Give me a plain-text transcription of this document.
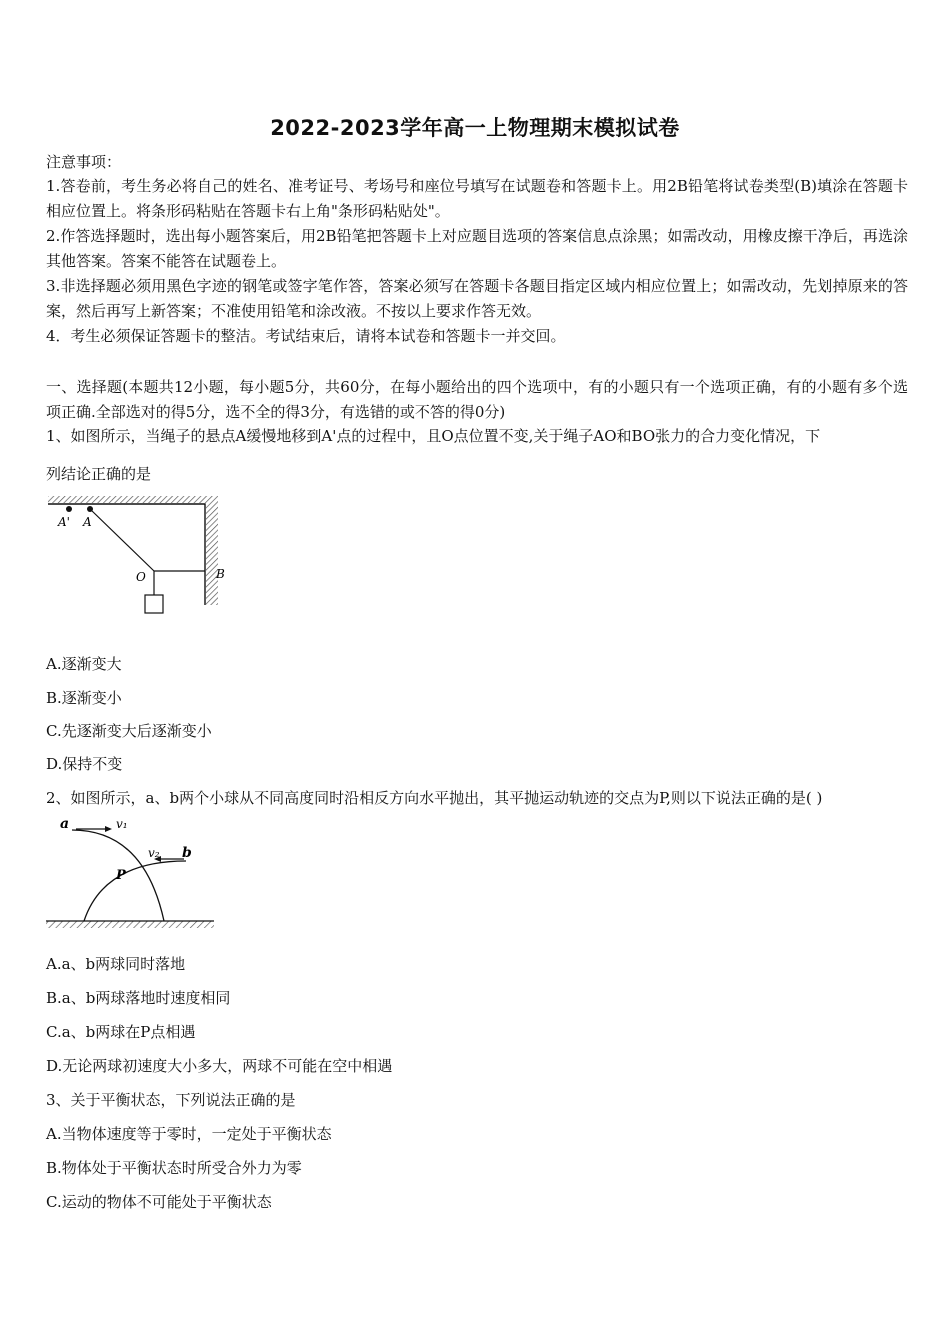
2022-2023学年高一上物理期末模拟试卷
注意事项：
1.答卷前，考生务必将自己的姓名、准考证号、考场号和座位号填写在试题卷和答题卡上。用2B铅笔将试卷类型(B)填涂在答题卡相应位置上。将条形码粘贴在答题卡右上角"条形码粘贴处"。
2.作答选择题时，选出每小题答案后，用2B铅笔把答题卡上对应题目选项的答案信息点涂黑；如需改动，用橡皮擦干净后，再选涂其他答案。答案不能答在试题卷上。
3.非选择题必须用黑色字迹的钢笔或签字笔作答，答案必须写在答题卡各题目指定区域内相应位置上；如需改动，先划掉原来的答案，然后再写上新答案；不准使用铅笔和涂改液。不按以上要求作答无效。
4．考生必须保证答题卡的整洁。考试结束后，请将本试卷和答题卡一并交回。
一、选择题(本题共12小题，每小题5分，共60分，在每小题给出的四个选项中，有的小题只有一个选项正确，有的小题有多个选项正确.全部选对的得5分，选不全的得3分，有选错的或不答的得0分)
1、如图所示，当绳子的悬点A缓慢地移到A'点的过程中，且O点位置不变,关于绳子AO和BO张力的合力变化情况，下
列结论正确的是
A' A
O	B
A.逐渐变大
B.逐渐变小
C.先逐渐变大后逐渐变小
D.保持不变
2、如图所示，a、b两个小球从不同高度同时沿相反方向水平抛出，其平抛运动轨迹的交点为P,则以下说法正确的是( )
a	v₁
v₂ b
P
A.a、b两球同时落地
B.a、b两球落地时速度相同
C.a、b两球在P点相遇
D.无论两球初速度大小多大，两球不可能在空中相遇
3、关于平衡状态，下列说法正确的是
A.当物体速度等于零时，一定处于平衡状态
B.物体处于平衡状态时所受合外力为零
C.运动的物体不可能处于平衡状态
